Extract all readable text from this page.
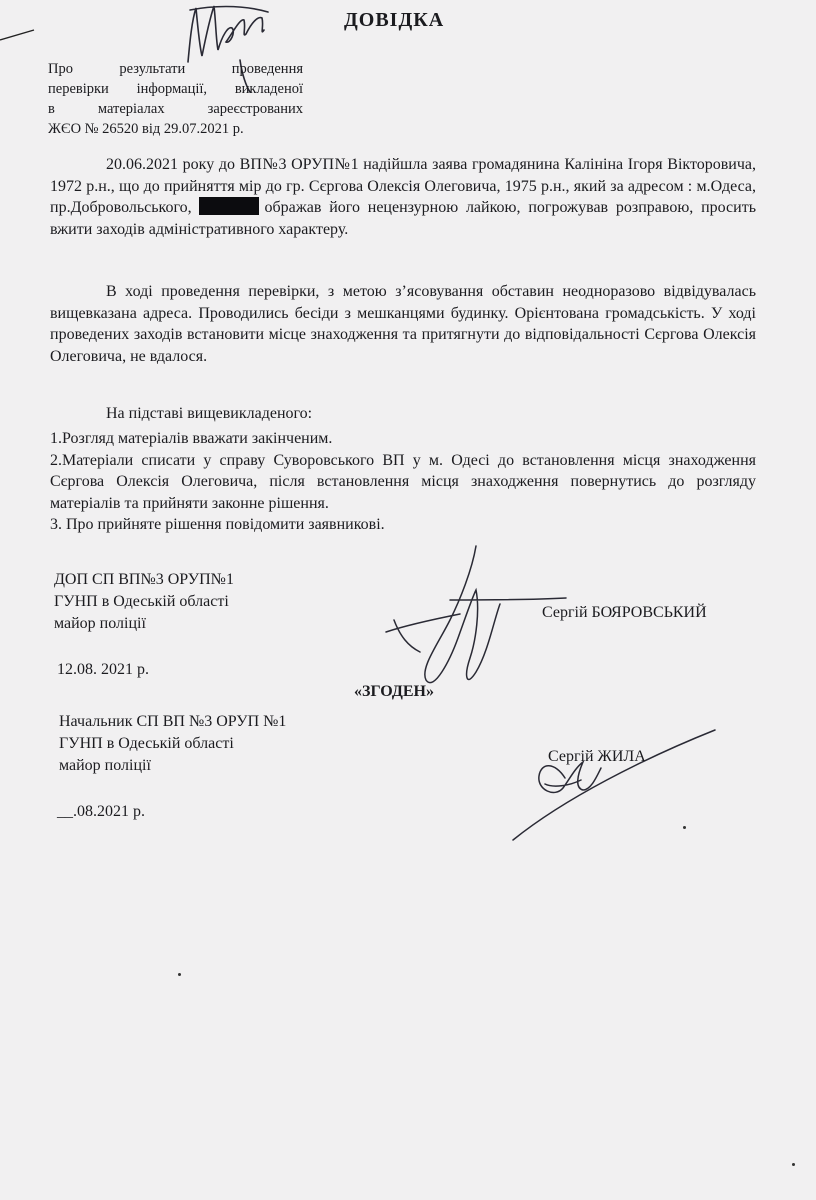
ДОВІДКА
Про результати проведення
перевірки інформації, викладеної
в матеріалах зареєстрованих
ЖЄО № 26520 від 29.07.2021 р.
20.06.2021 року до ВП№3 ОРУП№1 надійшла заява громадянина Калініна Ігоря Вікторовича, 1972 р.н., що до прийняття мір до гр. Сєргова Олексія Олеговича, 1975 р.н., який за адресом : м.Одеса, пр.Добровольського,	ображав його нецензурною лайкою, погрожував розправою, просить вжити заходів адміністративного характеру.
В ході проведення перевірки, з метою з’ясовування обставин неодноразово відвідувалась вищевказана адреса. Проводились бесіди з мешканцями будинку. Орієнтована громадськість. У ході проведених заходів встановити місце знаходження та притягнути до відповідальності Сєргова Олексія Олеговича, не вдалося.
На підставі вищевикладеного:

1.Розгляд матеріалів вважати закінченим.

2.Матеріали списати у справу Суворовського ВП у м. Одесі до встановлення місця знаходження Сєргова Олексія Олеговича, після встановлення місця знаходження повернутись до розгляду матеріалів та прийняти законне рішення.

3. Про прийняте рішення повідомити заявникові.

ДОП СП ВП№3 ОРУП№1
ГУНП в Одеській області
майор поліції
Сергій БОЯРОВСЬКИЙ
12.08. 2021 р.
«ЗГОДЕН»
Начальник СП ВП №3 ОРУП №1
ГУНП в Одеській області
майор поліції
Сергій ЖИЛА
__.08.2021 р.
